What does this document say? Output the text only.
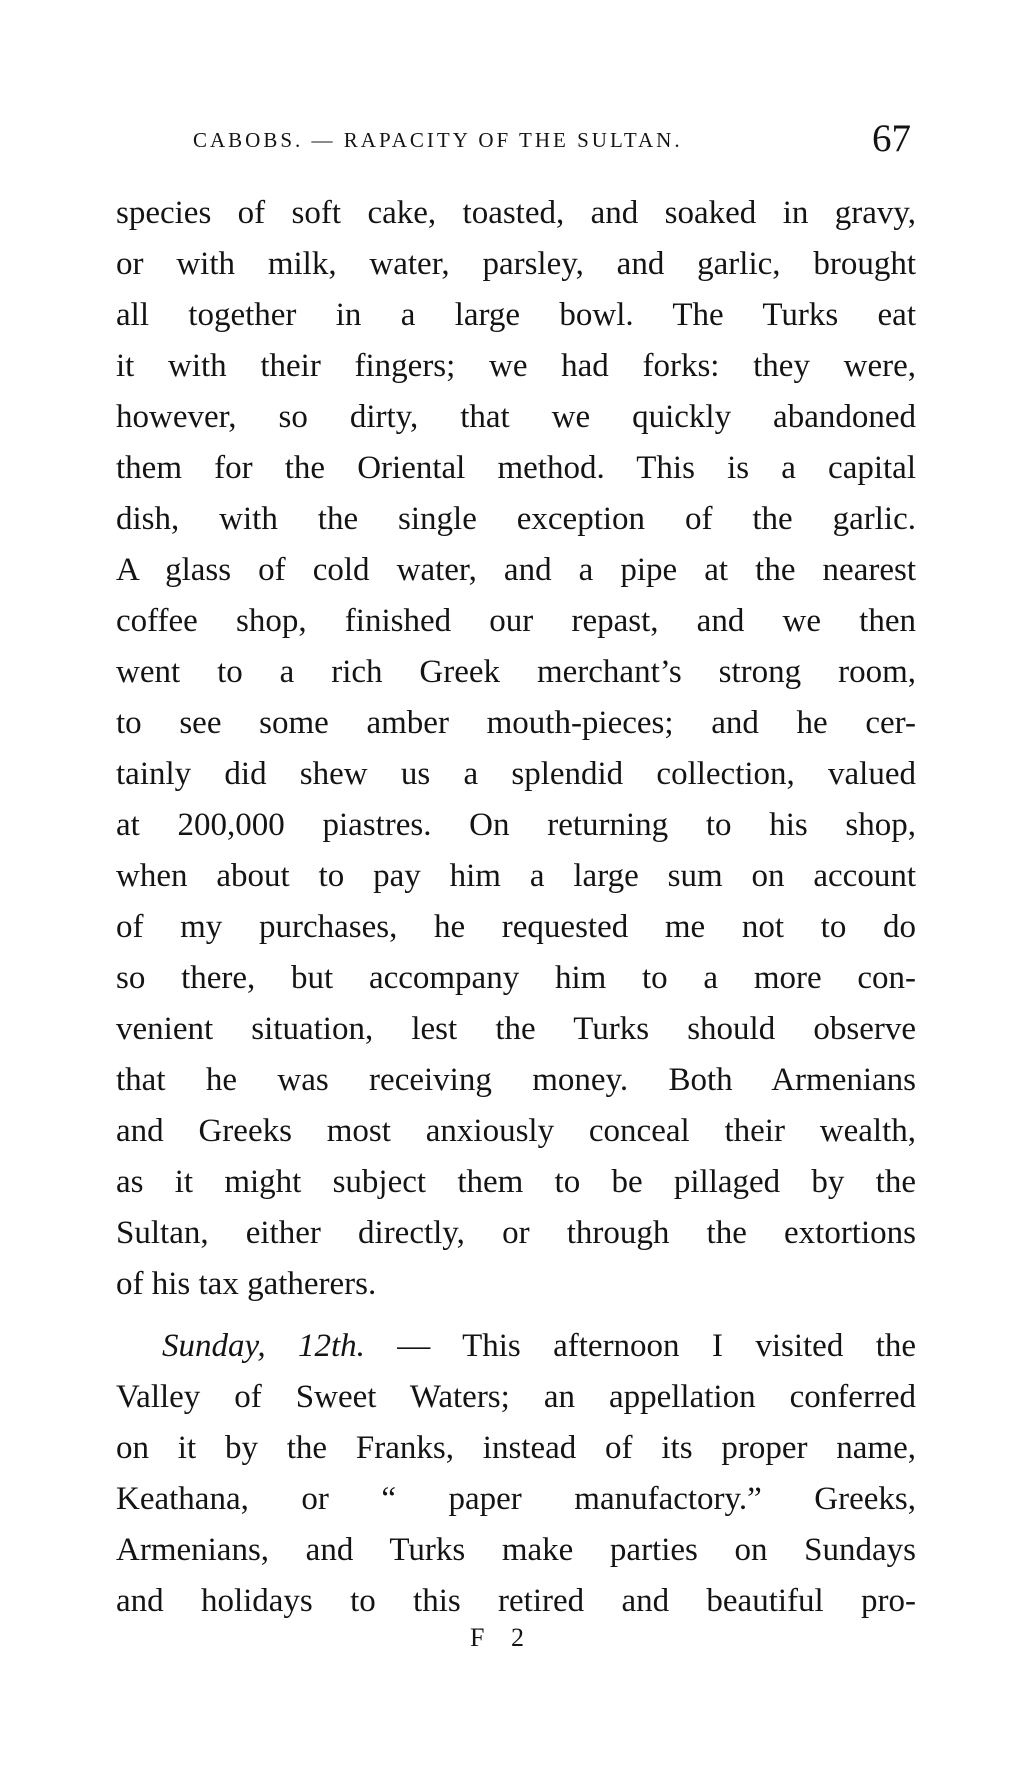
CABOBS. — RAPACITY OF THE SULTAN.	67
species of soft cake, toasted, and soaked in gravy,
or with milk, water, parsley, and garlic, brought
all together in a large bowl. The Turks eat
it with their fingers; we had forks: they were,
however, so dirty, that we quickly abandoned
them for the Oriental method. This is a capital
dish, with the single exception of the garlic.
A glass of cold water, and a pipe at the nearest
coffee shop, finished our repast, and we then
went to a rich Greek merchant’s strong room,
to see some amber mouth-pieces; and he cer-
tainly did shew us a splendid collection, valued
at 200,000 piastres. On returning to his shop,
when about to pay him a large sum on account
of my purchases, he requested me not to do
so there, but accompany him to a more con-
venient situation, lest the Turks should observe
that he was receiving money. Both Armenians
and Greeks most anxiously conceal their wealth,
as it might subject them to be pillaged by the
Sultan, either directly, or through the extortions
of his tax gatherers.
Sunday, 12th. — This afternoon I visited the
Valley of Sweet Waters; an appellation conferred
on it by the Franks, instead of its proper name,
Keathana, or “ paper manufactory.” Greeks,
Armenians, and Turks make parties on Sundays
and holidays to this retired and beautiful pro-
F 2
